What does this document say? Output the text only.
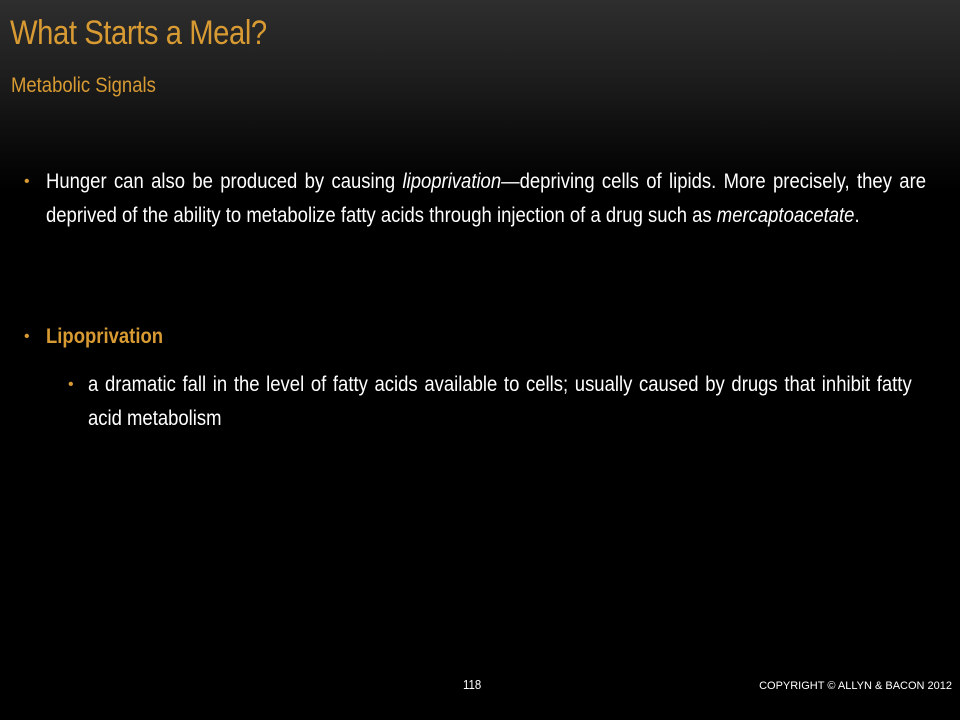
What Starts a Meal?
Metabolic Signals
• Hunger can also be produced by causing lipoprivation—depriving cells of lipids. More precisely, they are deprived of the ability to metabolize fatty acids through injection of a drug such as mercaptoacetate.
• Lipoprivation
• a dramatic fall in the level of fatty acids available to cells; usually caused by drugs that inhibit fatty acid metabolism
118	COPYRIGHT © ALLYN & BACON 2012
